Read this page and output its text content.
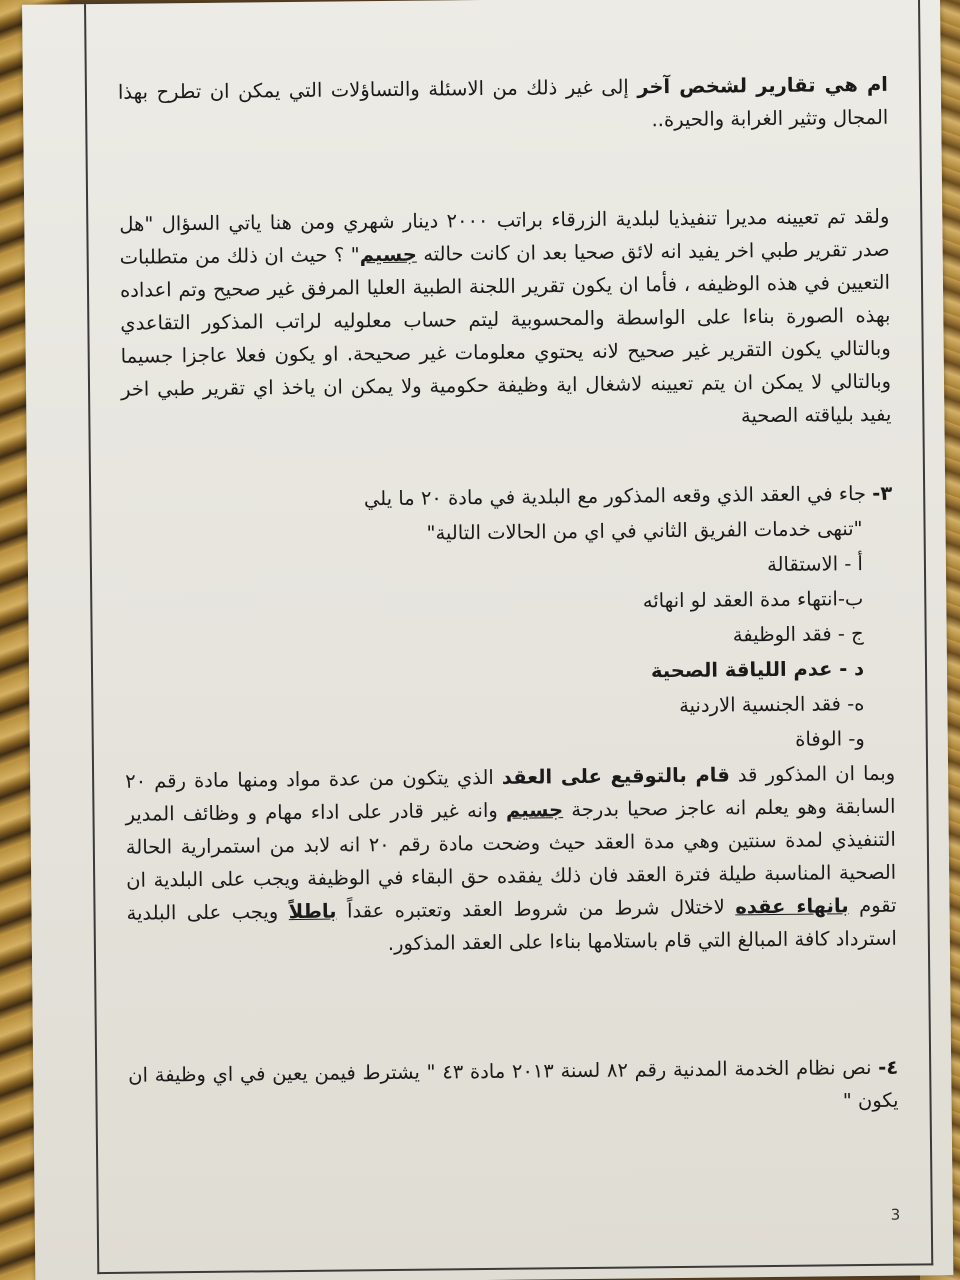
ام هي تقارير لشخص آخر إلى غير ذلك من الاسئلة والتساؤلات التي يمكن ان تطرح بهذا المجال وتثير الغرابة والحيرة..

ولقد تم تعيينه مديرا تنفيذيا لبلدية الزرقاء براتب ٢٠٠٠ دينار شهري ومن هنا ياتي السؤال "هل صدر تقرير طبي اخر يفيد انه لائق صحيا بعد ان كانت حالته جسيم" ؟ حيث ان ذلك من متطلبات التعيين في هذه الوظيفه ، فأما ان يكون تقرير اللجنة الطبية العليا المرفق غير صحيح وتم اعداده بهذه الصورة بناءا على الواسطة والمحسوبية ليتم حساب معلوليه لراتب المذكور التقاعدي وبالتالي يكون التقرير غير صحيح لانه يحتوي معلومات غير صحيحة. او يكون فعلا عاجزا جسيما وبالتالي لا يمكن ان يتم تعيينه لاشغال اية وظيفة حكومية ولا يمكن ان ياخذ اي تقرير طبي اخر يفيد بلياقته الصحية

٣- جاء في العقد الذي وقعه المذكور مع البلدية في مادة ٢٠ ما يلي

"تنهى خدمات الفريق الثاني في اي من الحالات التالية"

أ - الاستقالة

ب-انتهاء مدة العقد لو انهائه

ج - فقد الوظيفة

د - عدم اللياقة الصحية

ه- فقد الجنسية الاردنية

و- الوفاة

وبما ان المذكور قد قام بالتوقيع على العقد الذي يتكون من عدة مواد ومنها مادة رقم ٢٠ السابقة وهو يعلم انه عاجز صحيا بدرجة جسيم وانه غير قادر على اداء مهام و وظائف المدير التنفيذي لمدة سنتين وهي مدة العقد حيث وضحت مادة رقم ٢٠ انه لابد من استمرارية الحالة الصحية المناسبة طيلة فترة العقد فان ذلك يفقده حق البقاء في الوظيفة ويجب على البلدية ان تقوم بانهاء عقده لاختلال شرط من شروط العقد وتعتبره عقداً باطلاً ويجب على البلدية استرداد كافة المبالغ التي قام باستلامها بناءا على العقد المذكور.

٤- نص نظام الخدمة المدنية رقم ٨٢ لسنة ٢٠١٣ مادة ٤٣ " يشترط فيمن يعين في اي وظيفة ان يكون "

3
